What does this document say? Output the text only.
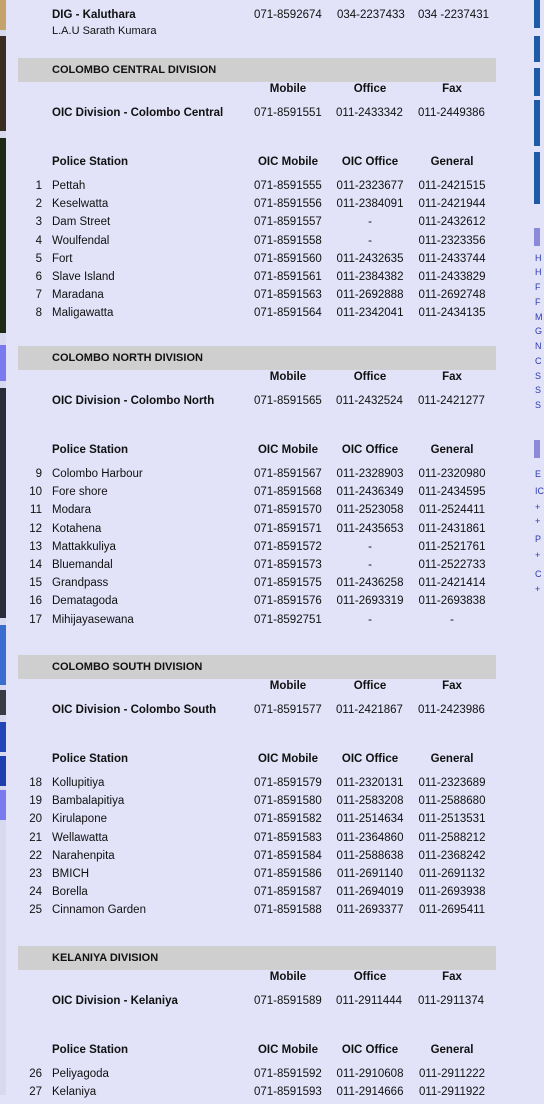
H
H
F
F
M
G
N
C
S
S
S
E
IC
+
+
P
+
C
+
DIG - Kaluthara	071-8592674 034-2237433 034 -2237431
L.A.U Sarath Kumara
COLOMBO CENTRAL DIVISION
Mobile	Office	Fax
OIC Division - Colombo Central	071-8591551 011-2433342 011-2449386
Police Station	OIC Mobile	OIC Office	General
1 Pettah	071-8591555 011-2323677 011-2421515
2 Keselwatta	071-8591556 011-2384091 011-2421944
3 Dam Street	071-8591557	-	011-2432612
4 Woulfendal	071-8591558	-	011-2323356
5 Fort	071-8591560 011-2432635 011-2433744
6 Slave Island	071-8591561 011-2384382 011-2433829
7 Maradana	071-8591563 011-2692888 011-2692748
8 Maligawatta	071-8591564 011-2342041 011-2434135
COLOMBO NORTH DIVISION
Mobile	Office	Fax
OIC Division - Colombo North	071-8591565 011-2432524 011-2421277
Police Station	OIC Mobile	OIC Office	General
9 Colombo Harbour	071-8591567 011-2328903 011-2320980
10 Fore shore	071-8591568 011-2436349 011-2434595
11 Modara	071-8591570 011-2523058 011-2524411
12 Kotahena	071-8591571 011-2435653 011-2431861
13 Mattakkuliya	071-8591572	-	011-2521761
14 Bluemandal	071-8591573	-	011-2522733
15 Grandpass	071-8591575 011-2436258 011-2421414
16 Dematagoda	071-8591576 011-2693319 011-2693838
17 Mihijayasewana	071-8592751	-	-
COLOMBO SOUTH DIVISION
Mobile	Office	Fax
OIC Division - Colombo South	071-8591577 011-2421867 011-2423986
Police Station	OIC Mobile	OIC Office	General
18 Kollupitiya	071-8591579 011-2320131 011-2323689
19 Bambalapitiya	071-8591580 011-2583208 011-2588680
20 Kirulapone	071-8591582 011-2514634 011-2513531
21 Wellawatta	071-8591583 011-2364860 011-2588212
22 Narahenpita	071-8591584 011-2588638 011-2368242
23 BMICH	071-8591586 011-2691140 011-2691132
24 Borella	071-8591587 011-2694019 011-2693938
25 Cinnamon Garden	071-8591588 011-2693377 011-2695411
KELANIYA DIVISION
Mobile	Office	Fax
OIC Division - Kelaniya	071-8591589 011-2911444 011-2911374
Police Station	OIC Mobile	OIC Office	General
26 Peliyagoda	071-8591592 011-2910608 011-2911222
27 Kelaniya	071-8591593 011-2914666 011-2911922
